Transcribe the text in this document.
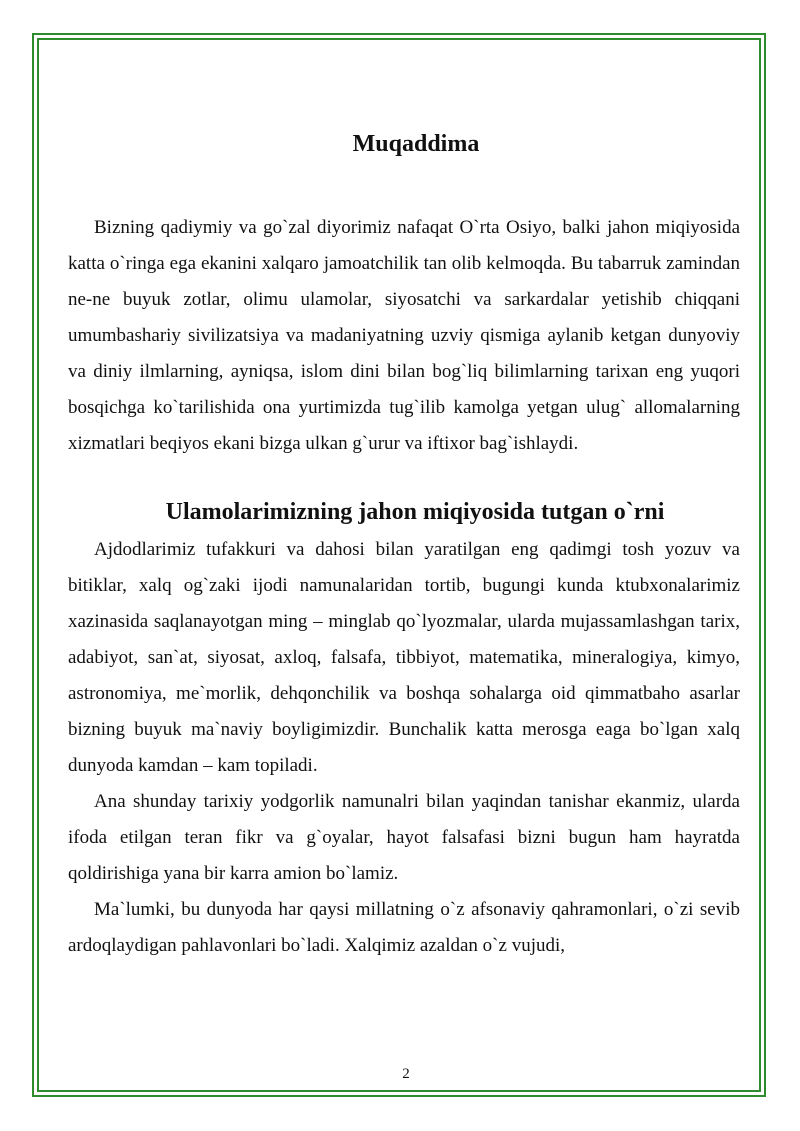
Muqaddima

Bizning qadiymiy va go`zal diyorimiz nafaqat O`rta Osiyo, balki jahon miqiyosida katta o`ringa ega ekanini xalqaro jamoatchilik tan olib kelmoqda. Bu tabarruk zamindan ne-ne buyuk zotlar, olimu ulamolar, siyosatchi va sarkardalar yetishib chiqqani umumbashariy sivilizatsiya va madaniyatning uzviy qismiga aylanib ketgan dunyoviy va diniy ilmlarning, ayniqsa, islom dini bilan bog`liq bilimlarning tarixan eng yuqori bosqichga ko`tarilishida ona yurtimizda tug`ilib kamolga yetgan ulug` allomalarning xizmatlari beqiyos ekani bizga ulkan g`urur va iftixor bag`ishlaydi.

Ulamolarimizning jahon miqiyosida tutgan o`rni

Ajdodlarimiz tufakkuri va dahosi bilan yaratilgan eng qadimgi tosh yozuv va bitiklar, xalq og`zaki ijodi namunalaridan tortib, bugungi kunda ktubxonalarimiz xazinasida saqlanayotgan ming – minglab qo`lyozmalar, ularda mujassamlashgan tarix, adabiyot, san`at, siyosat, axloq, falsafa, tibbiyot, matematika, mineralogiya, kimyo, astronomiya, me`morlik, dehqonchilik va boshqa sohalarga oid qimmatbaho asarlar bizning buyuk ma`naviy boyligimizdir. Bunchalik katta merosga eaga bo`lgan xalq dunyoda kamdan – kam topiladi.

Ana shunday tarixiy yodgorlik namunalri bilan yaqindan tanishar ekanmiz, ularda ifoda etilgan teran fikr va g`oyalar, hayot falsafasi bizni bugun ham hayratda qoldirishiga yana bir karra amion bo`lamiz.

Ma`lumki, bu dunyoda har qaysi millatning o`z afsonaviy qahramonlari, o`zi sevib ardoqlaydigan pahlavonlari bo`ladi. Xalqimiz azaldan o`z vujudi,

2
